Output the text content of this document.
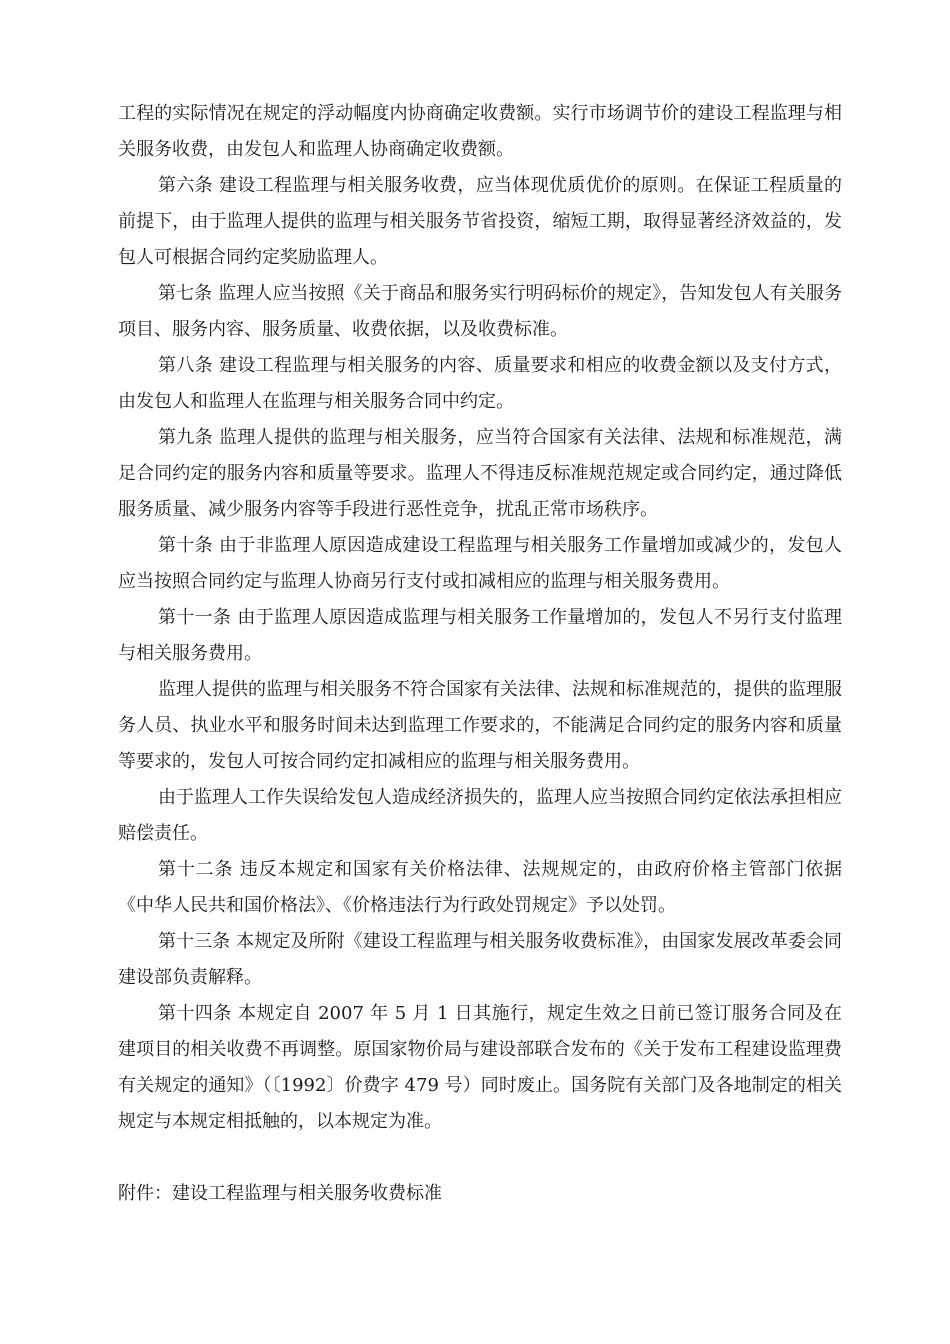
工程的实际情况在规定的浮动幅度内协商确定收费额。实行市场调节价的建设工程监理与相关服务收费，由发包人和监理人协商确定收费额。

第六条 建设工程监理与相关服务收费，应当体现优质优价的原则。在保证工程质量的前提下，由于监理人提供的监理与相关服务节省投资，缩短工期，取得显著经济效益的，发包人可根据合同约定奖励监理人。

第七条 监理人应当按照《关于商品和服务实行明码标价的规定》，告知发包人有关服务项目、服务内容、服务质量、收费依据，以及收费标准。

第八条 建设工程监理与相关服务的内容、质量要求和相应的收费金额以及支付方式，由发包人和监理人在监理与相关服务合同中约定。

第九条 监理人提供的监理与相关服务，应当符合国家有关法律、法规和标准规范，满足合同约定的服务内容和质量等要求。监理人不得违反标准规范规定或合同约定，通过降低服务质量、减少服务内容等手段进行恶性竞争，扰乱正常市场秩序。

第十条 由于非监理人原因造成建设工程监理与相关服务工作量增加或减少的，发包人应当按照合同约定与监理人协商另行支付或扣减相应的监理与相关服务费用。

第十一条 由于监理人原因造成监理与相关服务工作量增加的，发包人不另行支付监理与相关服务费用。

监理人提供的监理与相关服务不符合国家有关法律、法规和标准规范的，提供的监理服务人员、执业水平和服务时间未达到监理工作要求的，不能满足合同约定的服务内容和质量等要求的，发包人可按合同约定扣减相应的监理与相关服务费用。

由于监理人工作失误给发包人造成经济损失的，监理人应当按照合同约定依法承担相应赔偿责任。

第十二条 违反本规定和国家有关价格法律、法规规定的，由政府价格主管部门依据《中华人民共和国价格法》、《价格违法行为行政处罚规定》予以处罚。

第十三条 本规定及所附《建设工程监理与相关服务收费标准》，由国家发展改革委会同建设部负责解释。

第十四条 本规定自 2007 年 5 月 1 日其施行，规定生效之日前已签订服务合同及在建项目的相关收费不再调整。原国家物价局与建设部联合发布的《关于发布工程建设监理费有关规定的通知》（〔1992〕价费字 479 号）同时废止。国务院有关部门及各地制定的相关规定与本规定相抵触的，以本规定为准。

附件：建设工程监理与相关服务收费标准
